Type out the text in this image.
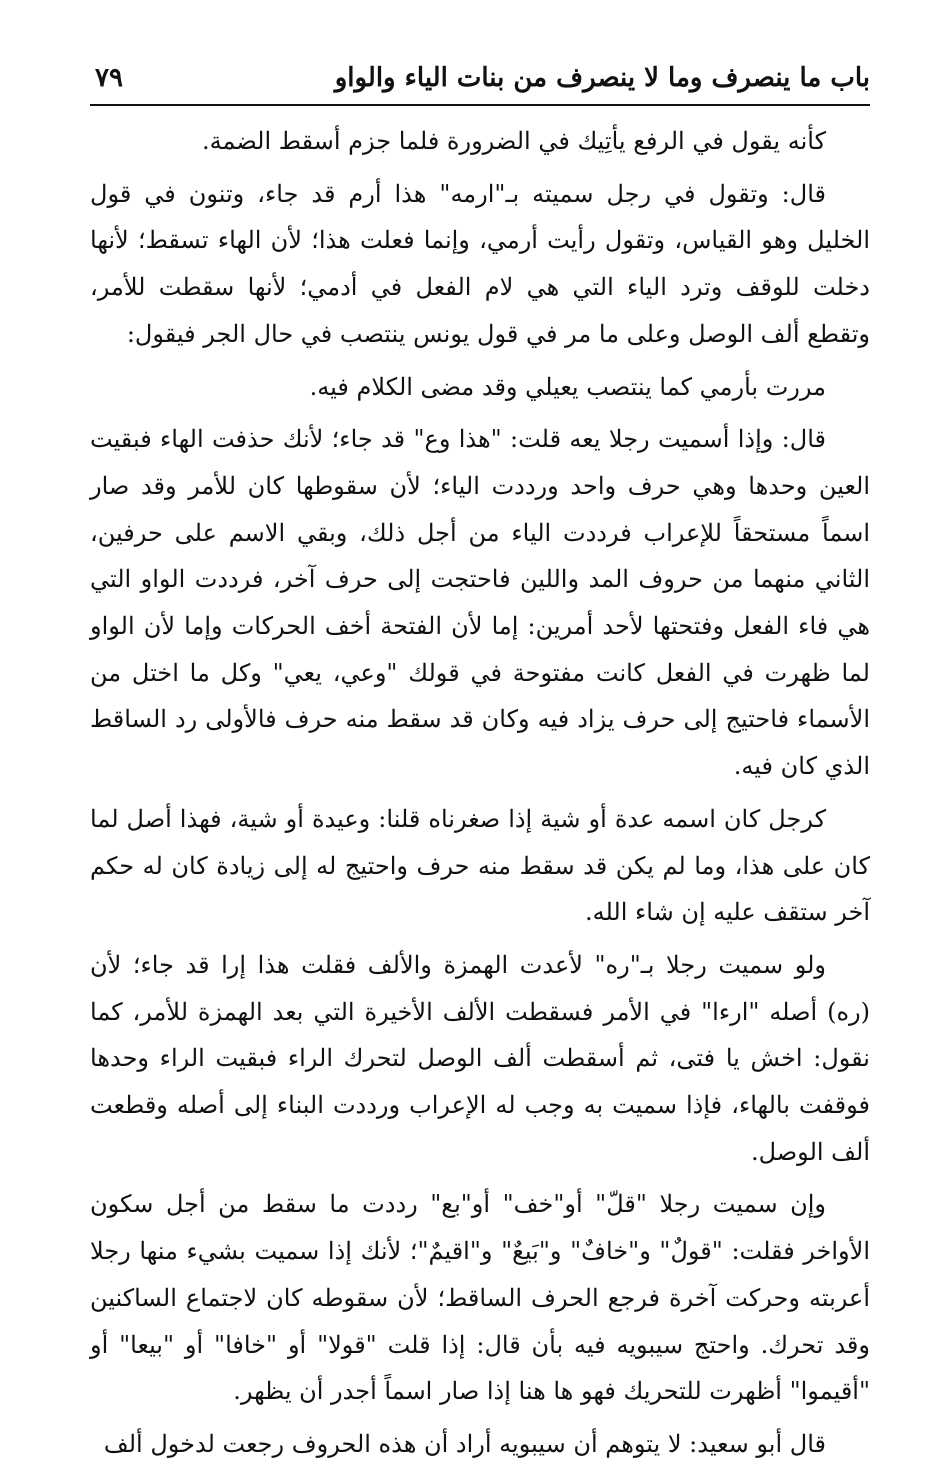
٧٩	باب ما ينصرف وما لا ينصرف من بنات الياء والواو

كأنه يقول في الرفع يأتِيك في الضرورة فلما جزم أسقط الضمة.

قال: وتقول في رجل سميته بـ"ارمه" هذا أرم قد جاء، وتنون في قول الخليل وهو القياس، وتقول رأيت أرمي، وإنما فعلت هذا؛ لأن الهاء تسقط؛ لأنها دخلت للوقف وترد الياء التي هي لام الفعل في أدمي؛ لأنها سقطت للأمر، وتقطع ألف الوصل وعلى ما مر في قول يونس ينتصب في حال الجر فيقول:

مررت بأرمي كما ينتصب يعيلي وقد مضى الكلام فيه.

قال: وإذا أسميت رجلا يعه قلت: "هذا وع" قد جاء؛ لأنك حذفت الهاء فبقيت العين وحدها وهي حرف واحد ورددت الياء؛ لأن سقوطها كان للأمر وقد صار اسماً مستحقاً للإعراب فرددت الياء من أجل ذلك، وبقي الاسم على حرفين، الثاني منهما من حروف المد واللين فاحتجت إلى حرف آخر، فرددت الواو التي هي فاء الفعل وفتحتها لأحد أمرين: إما لأن الفتحة أخف الحركات وإما لأن الواو لما ظهرت في الفعل كانت مفتوحة في قولك "وعي، يعي" وكل ما اختل من الأسماء فاحتيج إلى حرف يزاد فيه وكان قد سقط منه حرف فالأولى رد الساقط الذي كان فيه.

كرجل كان اسمه عدة أو شية إذا صغرناه قلنا: وعيدة أو شية، فهذا أصل لما كان على هذا، وما لم يكن قد سقط منه حرف واحتيج له إلى زيادة كان له حكم آخر ستقف عليه إن شاء الله.

ولو سميت رجلا بـ"ره" لأعدت الهمزة والألف فقلت هذا إرا قد جاء؛ لأن (ره) أصله "ارءا" في الأمر فسقطت الألف الأخيرة التي بعد الهمزة للأمر، كما نقول: اخش يا فتى، ثم أسقطت ألف الوصل لتحرك الراء فبقيت الراء وحدها فوقفت بالهاء، فإذا سميت به وجب له الإعراب ورددت البناء إلى أصله وقطعت ألف الوصل.

وإن سميت رجلا "قلّ" أو"خف" أو"بع" رددت ما سقط من أجل سكون الأواخر فقلت: "قولٌ" و"خافٌ" و"بَيعٌ" و"اقيمٌ"؛ لأنك إذا سميت بشيء منها رجلا أعربته وحركت آخرة فرجع الحرف الساقط؛ لأن سقوطه كان لاجتماع الساكنين وقد تحرك. واحتج سيبويه فيه بأن قال: إذا قلت "قولا" أو "خافا" أو "بيعا" أو "أقيموا" أظهرت للتحريك فهو ها هنا إذا صار اسماً أجدر أن يظهر.

قال أبو سعيد: لا يتوهم أن سيبويه أراد أن هذه الحروف رجعت لدخول ألف
